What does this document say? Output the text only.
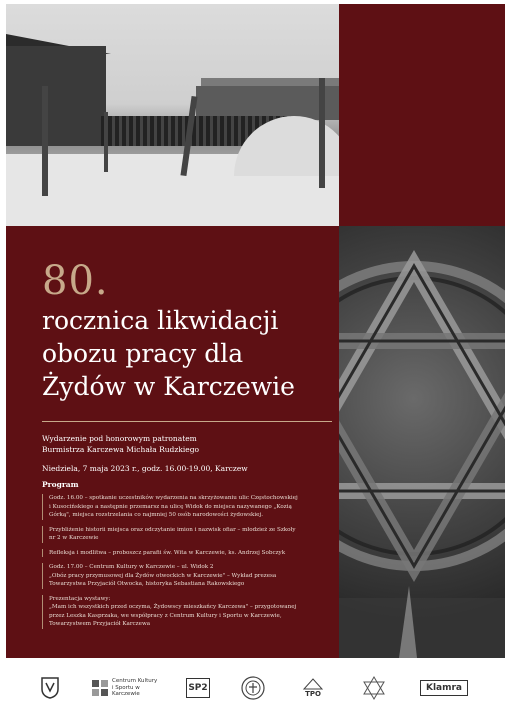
80.
rocznica likwidacji
obozu pracy dla
Żydów w Karczewie
Wydarzenie pod honorowym patronatem
Burmistrza Karczewa Michała Rudzkiego
Niedziela, 7 maja 2023 r., godz. 16.00-19.00, Karczew
Program

Godz. 16.00 – spotkanie uczestników wydarzenia na skrzyżowaniu ulic Częstochowskiej

i Kusocińskiego a następnie przemarsz na ulicę Widok do miejsca nazywanego „Kozią

Górką", miejsca rozstrzelania co najmniej 50 osób narodowości żydowskiej.

Przybliżenie historii miejsca oraz odczytanie imion i nazwisk ofiar – młodzież ze Szkoły

nr 2 w Karczewie

Refleksja i modlitwa – proboszcz parafii św. Wita w Karczewie, ks. Andrzej Sobczyk

Godz. 17.00 – Centrum Kultury w Karczewie – ul. Widok 2

„Obóz pracy przymusowej dla Żydów otwockich w Karczewie" – Wykład prezesa

Towarzystwa Przyjaciół Otwocka, historyka Sebastiana Rakowskiego

Prezentacja wystawy:

„Mam ich wszystkich przed oczyma, Żydowscy mieszkańcy Karczewa" – przygotowanej

przez Leszka Kasprzaka, we współpracy z Centrum Kultury i Sportu w Karczewie,

Towarzystwem Przyjaciół Karczewa

Centrum Kultury i Sportu w Karczewie
SP2
TPO
Klamra
